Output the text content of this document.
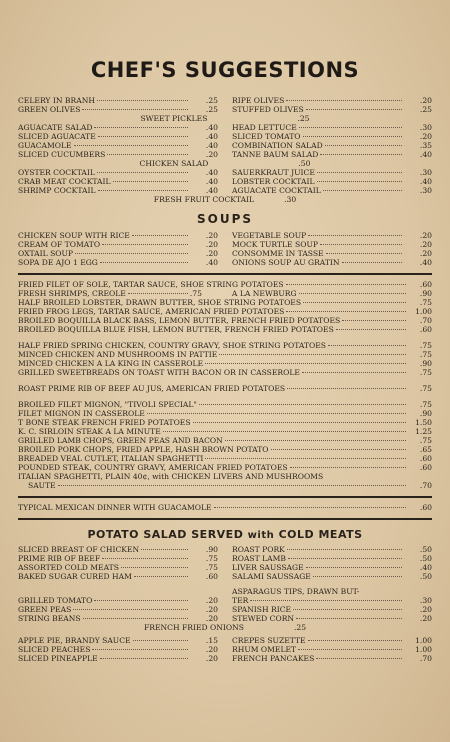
CHEF'S SUGGESTIONS
CELERY IN BRANH	.25
GREEN OLIVES	.25
RIPE OLIVES	.20
STUFFED OLIVES	.25
SWEET PICKLES	.25
AGUACATE SALAD	.40
SLICED AGUACATE	.40
GUACAMOLE	.40
SLICED CUCUMBERS	.20
HEAD LETTUCE	.30
SLICED TOMATO	.20
COMBINATION SALAD	.35
TANNE BAUM SALAD	.40
CHICKEN SALAD	.50
OYSTER COCKTAIL	.40
CRAB MEAT COCKTAIL	.40
SHRIMP COCKTAIL	.40
SAUERKRAUT JUICE	.30
LOBSTER COCKTAIL	.40
AGUACATE COCKTAIL	.30
FRESH FRUIT COCKTAIL	.30
SOUPS
CHICKEN SOUP WITH RICE	.20
CREAM OF TOMATO	.20
OXTAIL SOUP	.20
SOPA DE AJO 1 EGG	.40
VEGETABLE SOUP	.20
MOCK TURTLE SOUP	.20
CONSOMME IN TASSE	.20
ONIONS SOUP AU GRATIN	.40
FRIED FILET OF SOLE, TARTAR SAUCE, SHOE STRING POTATOES	.60
FRESH SHRIMPS, CREOLE	.75	A LA NEWBURG	.90
HALF BROILED LOBSTER, DRAWN BUTTER, SHOE STRING POTATOES	.75
FRIED FROG LEGS, TARTAR SAUCE, AMERICAN FRIED POTATOES	1.00
BROILED BOQUILLA BLACK BASS, LEMON BUTTER, FRENCH FRIED POTATOES	.70
BROILED BOQUILLA BLUE FISH, LEMON BUTTER, FRENCH FRIED POTATOES	.60
HALF FRIED SPRING CHICKEN, COUNTRY GRAVY, SHOE STRING POTATOES	.75
MINCED CHICKEN AND MUSHROOMS IN PATTIE	.75
MINCED CHICKEN A LA KING IN CASSEROLE	.90
GRILLED SWEETBREADS ON TOAST WITH BACON OR IN CASSEROLE	.75
ROAST PRIME RIB OF BEEF AU JUS, AMERICAN FRIED POTATOES	.75
BROILED FILET MIGNON, "TIVOLI SPECIAL"	.75
FILET MIGNON IN CASSEROLE	.90
T BONE STEAK FRENCH FRIED POTATOES	1.50
K. C. SIRLOIN STEAK A LA MINUTE	1.25
GRILLED LAMB CHOPS, GREEN PEAS AND BACON	.75
BROILED PORK CHOPS, FRIED APPLE, HASH BROWN POTATO	.65
BREADED VEAL CUTLET, ITALIAN SPAGHETTI	.60
POUNDED STEAK, COUNTRY GRAVY, AMERICAN FRIED POTATOES	.60
ITALIAN SPAGHETTI, PLAIN 40¢, with CHICKEN LIVERS AND MUSHROOMS
SAUTE	.70
TYPICAL MEXICAN DINNER WITH GUACAMOLE	.60
POTATO SALAD SERVED with COLD MEATS
SLICED BREAST OF CHICKEN	.90
PRIME RIB OF BEEF	.75
ASSORTED COLD MEATS	.75
BAKED SUGAR CURED HAM	.60
ROAST PORK	.50
ROAST LAMB	.50
LIVER SAUSSAGE	.40
SALAMI SAUSSAGE	.50
GRILLED TOMATO	.20
GREEN PEAS	.20
STRING BEANS	.20
ASPARAGUS TIPS, DRAWN BUT-
TER	.30
SPANISH RICE	.20
STEWED CORN	.20
FRENCH FRIED ONIONS	.25
APPLE PIE, BRANDY SAUCE	.15
SLICED PEACHES	.20
SLICED PINEAPPLE	.20
CREPES SUZETTE	1.00
RHUM OMELET	1.00
FRENCH PANCAKES	.70
